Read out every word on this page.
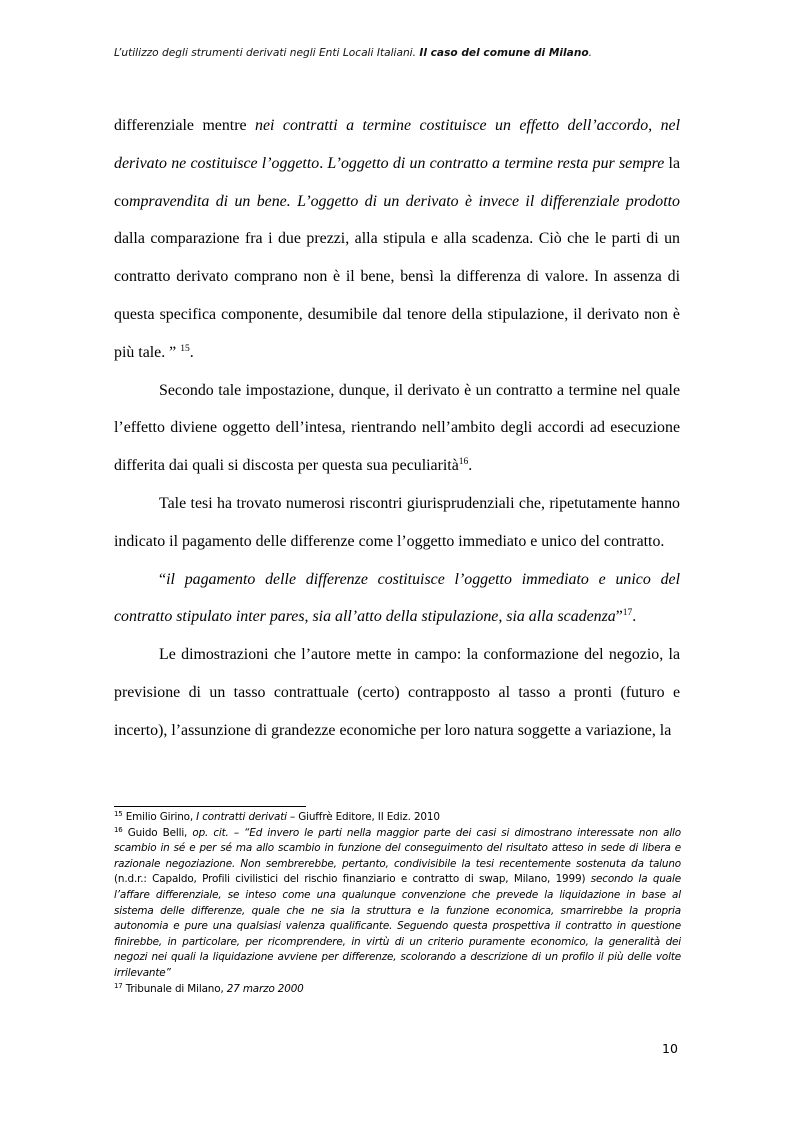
L’utilizzo degli strumenti derivati negli Enti Locali Italiani. Il caso del comune di Milano.

differenziale mentre nei contratti a termine costituisce un effetto dell’accordo, nel derivato ne costituisce l’oggetto. L’oggetto di un contratto a termine resta pur sempre la compravendita di un bene. L’oggetto di un derivato è invece il differenziale prodotto dalla comparazione fra i due prezzi, alla stipula e alla scadenza. Ciò che le parti di un contratto derivato comprano non è il bene, bensì la differenza di valore. In assenza di questa specifica componente, desumibile dal tenore della stipulazione, il derivato non è più tale. ” $^{15}$.

Secondo tale impostazione, dunque, il derivato è un contratto a termine nel quale l’effetto diviene oggetto dell’intesa, rientrando nell’ambito degli accordi ad esecuzione differita dai quali si discosta per questa sua peculiarità$^{16}$.

Tale tesi ha trovato numerosi riscontri giurisprudenziali che, ripetutamente hanno indicato il pagamento delle differenze come l’oggetto immediato e unico del contratto.

“il pagamento delle differenze costituisce l’oggetto immediato e unico del contratto stipulato inter pares, sia all’atto della stipulazione, sia alla scadenza”$^{17}$.

Le dimostrazioni che l’autore mette in campo: la conformazione del negozio, la previsione di un tasso contrattuale (certo) contrapposto al tasso a pronti (futuro e incerto), l’assunzione di grandezze economiche per loro natura soggette a variazione, la

$^{15}$ Emilio Girino, I contratti derivati – Giuffrè Editore, II Ediz. 2010

$^{16}$ Guido Belli, op. cit. – “Ed invero le parti nella maggior parte dei casi si dimostrano interessate non allo scambio in sé e per sé ma allo scambio in funzione del conseguimento del risultato atteso in sede di libera e razionale negoziazione. Non sembrerebbe, pertanto, condivisibile la tesi recentemente sostenuta da taluno (n.d.r.: Capaldo, Profili civilistici del rischio finanziario e contratto di swap, Milano, 1999) secondo la quale l’affare differenziale, se inteso come una qualunque convenzione che prevede la liquidazione in base al sistema delle differenze, quale che ne sia la struttura e la funzione economica, smarrirebbe la propria autonomia e pure una qualsiasi valenza qualificante. Seguendo questa prospettiva il contratto in questione finirebbe, in particolare, per ricomprendere, in virtù di un criterio puramente economico, la generalità dei negozi nei quali la liquidazione avviene per differenze, scolorando a descrizione di un profilo il più delle volte irrilevante”

$^{17}$ Tribunale di Milano, 27 marzo 2000

10
